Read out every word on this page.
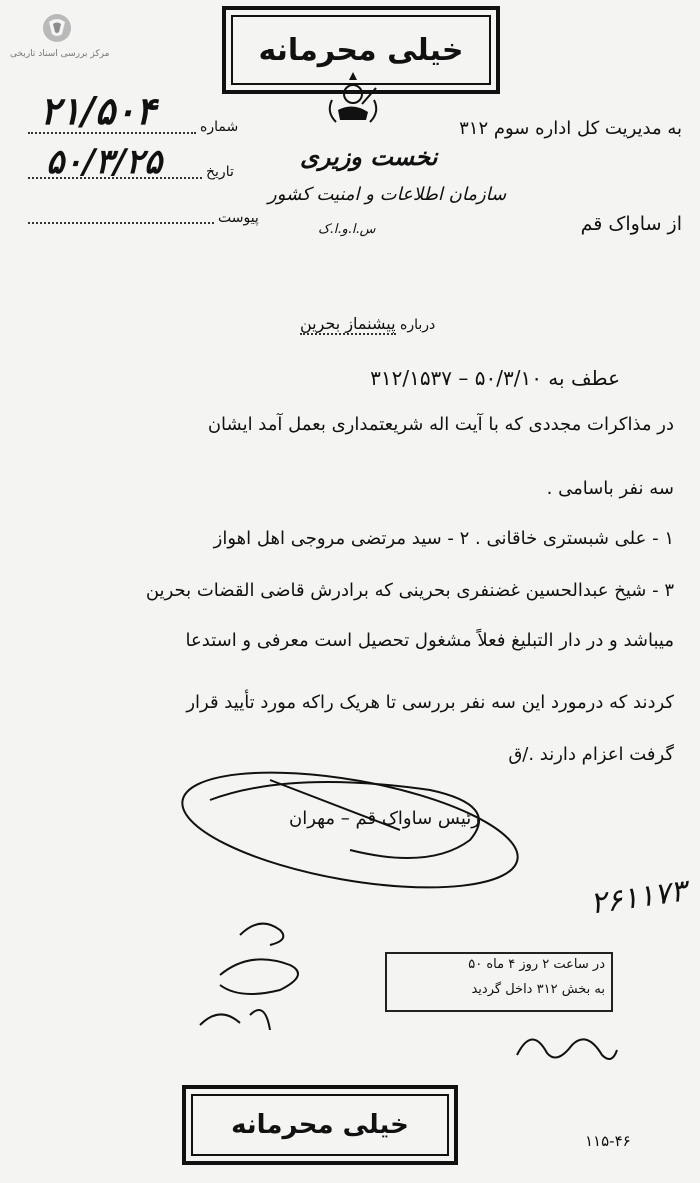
مرکز بررسی اسناد تاریخی	خیلی محرمانه
نخست وزیری
سازمان اطلاعات و امنیت کشور
س.ا.و.ا.ک
شماره
۲۱/۵۰۴
تاریخ
۵۰/۳/۲۵
پیوست
به مدیریت کل اداره سوم ۳۱۲
از ساواک قم
درباره پیشنماز بحرین
عطف به ۵۰/۳/۱۰ – ۳۱۲/۱۵۳۷
در مذاکرات مجددی که با آیت اله شریعتمداری بعمل آمد ایشان
سه نفر باسامی .
۱ - علی شبستری خاقانی . ۲ - سید مرتضی مروجی اهل اهواز
۳ - شیخ عبدالحسین غضنفری بحرینی که برادرش قاضی القضات بحرین
میباشد و در دار التبلیغ فعلاً مشغول تحصیل است معرفی و استدعا
کردند که درمورد این سه نفر بررسی تا هریک راکه مورد تأیید قرار
گرفت اعزام دارند ./ق
رئیس ساواک قم – مهران
۲۶۱۱۷۳
در ساعت ۲ روز ۴ ماه ۵۰
به بخش ۳۱۲ داخل گردید
خیلی محرمانه
۱۱۵-۴۶
